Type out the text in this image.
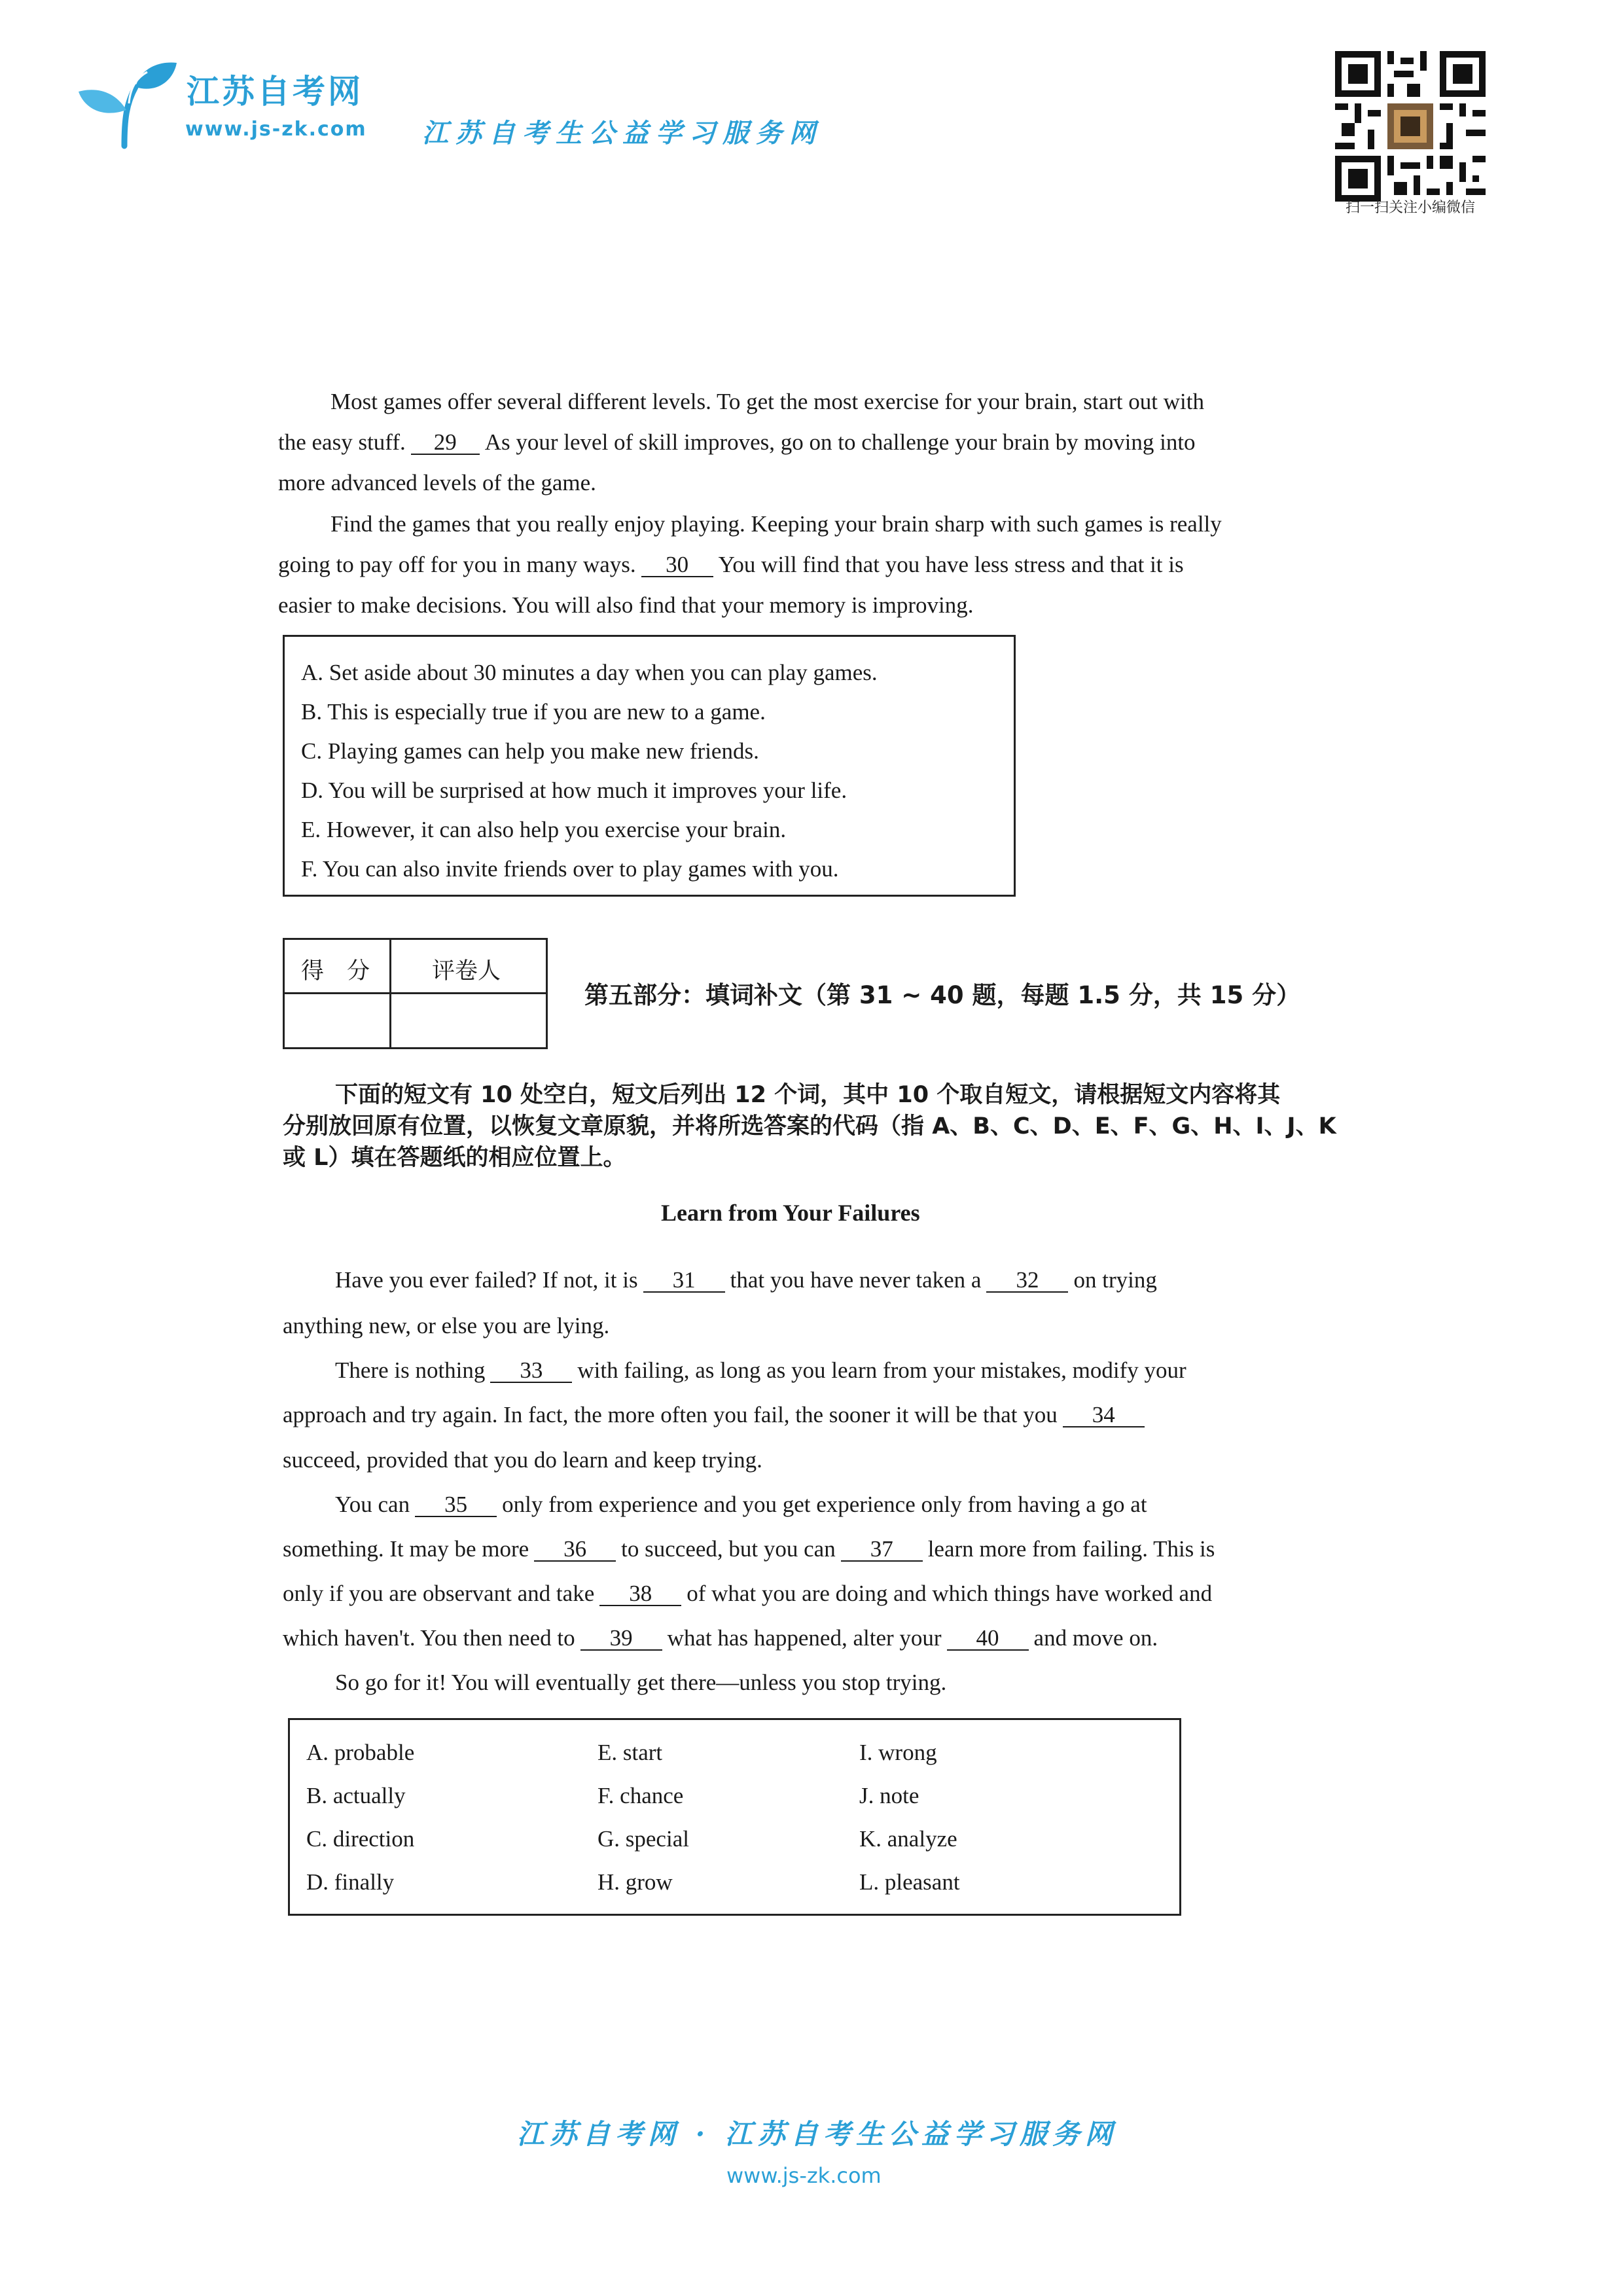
江苏自考网
www.js-zk.com 江苏自考生公益学习服务网
扫一扫关注小编微信
Most games offer several different levels. To get the most exercise for your brain, start out with
the easy stuff. 29 As your level of skill improves, go on to challenge your brain by moving into
more advanced levels of the game.
Find the games that you really enjoy playing. Keeping your brain sharp with such games is really
going to pay off for you in many ways. 30 You will find that you have less stress and that it is
easier to make decisions. You will also find that your memory is improving.
A. Set aside about 30 minutes a day when you can play games.
B. This is especially true if you are new to a game.
C. Playing games can help you make new friends.
D. You will be surprised at how much it improves your life.
E. However, it can also help you exercise your brain.
F. You can also invite friends over to play games with you.
得　分	评卷人
第五部分：填词补文（第 31 ~ 40 题，每题 1.5 分，共 15 分）
下面的短文有 10 处空白，短文后列出 12 个词，其中 10 个取自短文，请根据短文内容将其
分别放回原有位置，以恢复文章原貌，并将所选答案的代码（指 A、B、C、D、E、F、G、H、I、J、K
或 L）填在答题纸的相应位置上。
Learn from Your Failures
Have you ever failed? If not, it is 31 that you have never taken a 32 on trying
anything new, or else you are lying.
There is nothing 33 with failing, as long as you learn from your mistakes, modify your
approach and try again. In fact, the more often you fail, the sooner it will be that you 34
succeed, provided that you do learn and keep trying.
You can 35 only from experience and you get experience only from having a go at
something. It may be more 36 to succeed, but you can 37 learn more from failing. This is
only if you are observant and take 38 of what you are doing and which things have worked and
which haven't. You then need to 39 what has happened, alter your 40 and move on.
So go for it! You will eventually get there—unless you stop trying.
A. probable
B. actually
C. direction
D. finally
E. start
F. chance
G. special
H. grow
I. wrong
J. note
K. analyze
L. pleasant
江苏自考网 · 江苏自考生公益学习服务网
www.js-zk.com
